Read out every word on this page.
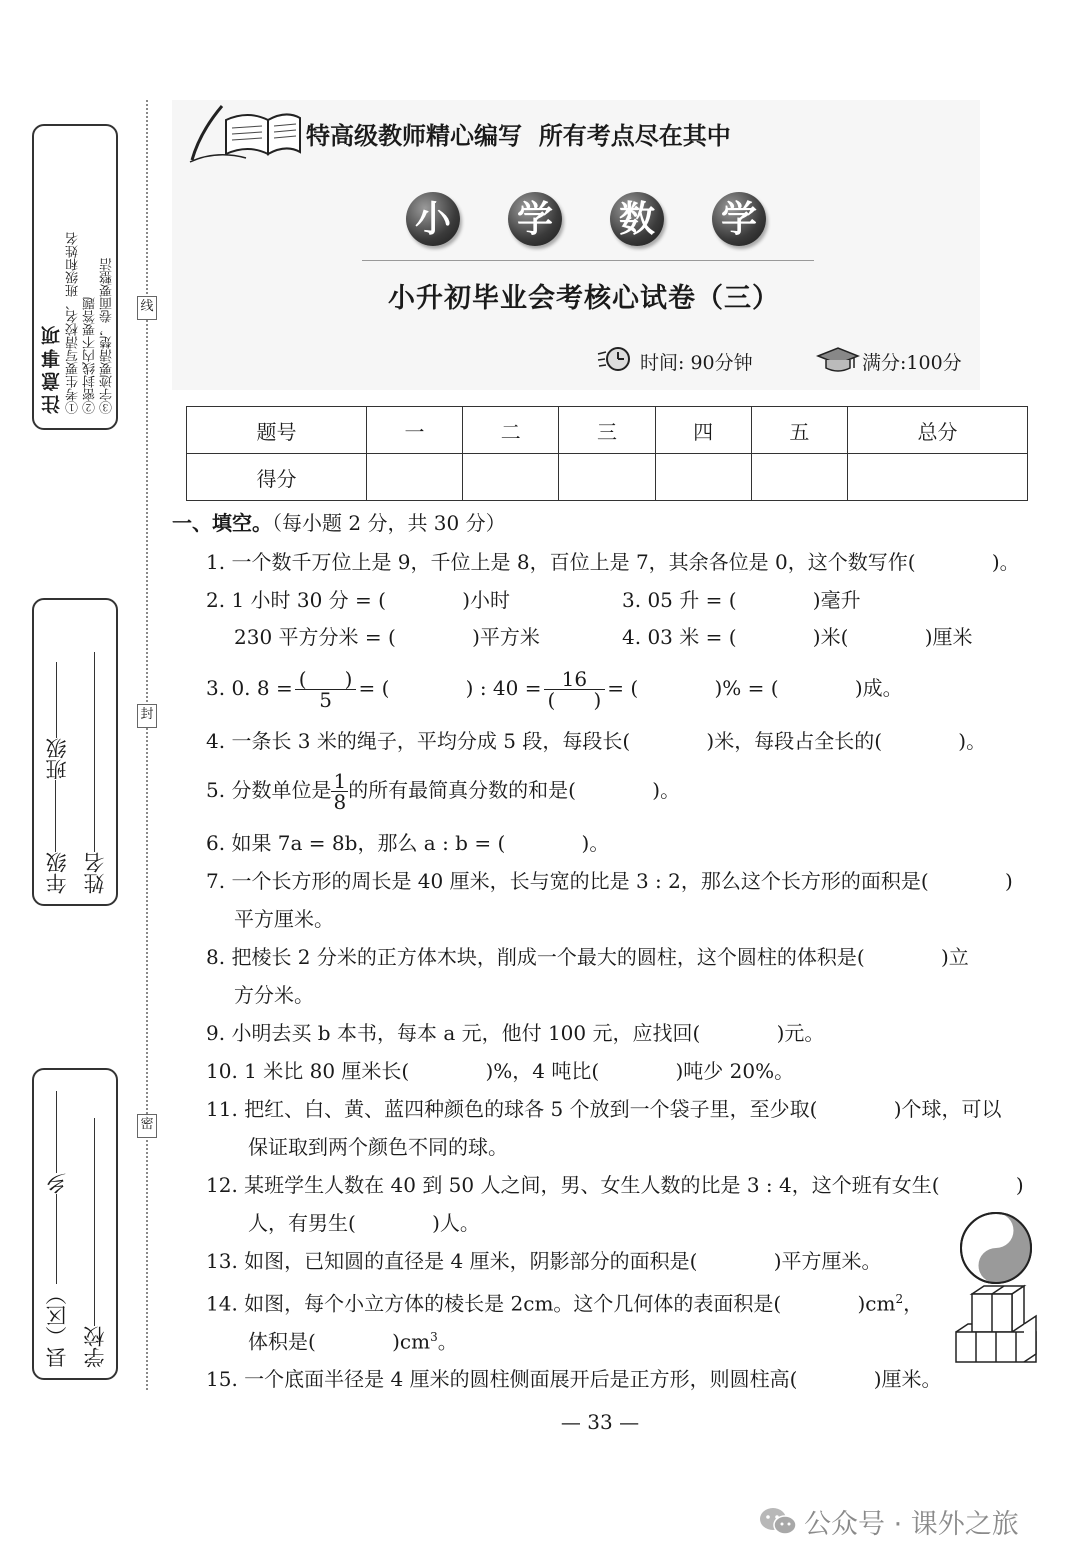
线
封
密
注意事项 ①考生要写清校名、班级和姓名 ②密封线内不要答题 ③字迹要清楚，卷面要整洁
年级班级
姓名
县（区）乡
学校
特高级教师精心编写  所有考点尽在其中
小 学 数 学
小升初毕业会考核心试卷（三）
时间: 90分钟	满分:100分
题号	一	二	三	四	五	总分
得分						
一、填空。（每小题 2 分，共 30 分）
1. 一个数千万位上是 9，千位上是 8，百位上是 7，其余各位是 0，这个数写作(            )。
2. 1 小时 30 分 = (            )小时	3. 05 升 = (            )毫升
230 平方分米 = (            )平方米	4. 03 米 = (            )米(            )厘米
3. 0. $8 = \frac{( )}{5}$ = (            ) : $40 = \frac{16}{( )}$ = (            )% = (            )成。
4. 一条长 3 米的绳子，平均分成 5 段，每段长(            )米，每段占全长的(            )。
5. 分数单位是 $\frac{1}{8}$ 的所有最简真分数的和是(            )。
6. 如果 7a = 8b，那么 a : b = (            )。
7. 一个长方形的周长是 40 厘米，长与宽的比是 3 : 2，那么这个长方形的面积是(            )
平方厘米。
8. 把棱长 2 分米的正方体木块，削成一个最大的圆柱，这个圆柱的体积是(            )立
方分米。
9. 小明去买 b 本书，每本 a 元，他付 100 元，应找回(            )元。
10. 1 米比 80 厘米长(            )%，4 吨比(            )吨少 20%。
11. 把红、白、黄、蓝四种颜色的球各 5 个放到一个袋子里，至少取(            )个球，可以
保证取到两个颜色不同的球。
12. 某班学生人数在 40 到 50 人之间，男、女生人数的比是 3 : 4，这个班有女生(            )
人，有男生(            )人。
13. 如图，已知圆的直径是 4 厘米，阴影部分的面积是(            )平方厘米。
14. 如图，每个小立方体的棱长是 2cm。这个几何体的表面积是(            )$cm^2$，
体积是(            )$cm^3$。
15. 一个底面半径是 4 厘米的圆柱侧面展开后是正方形，则圆柱高(            )厘米。
— 33 —
公众号 · 课外之旅
